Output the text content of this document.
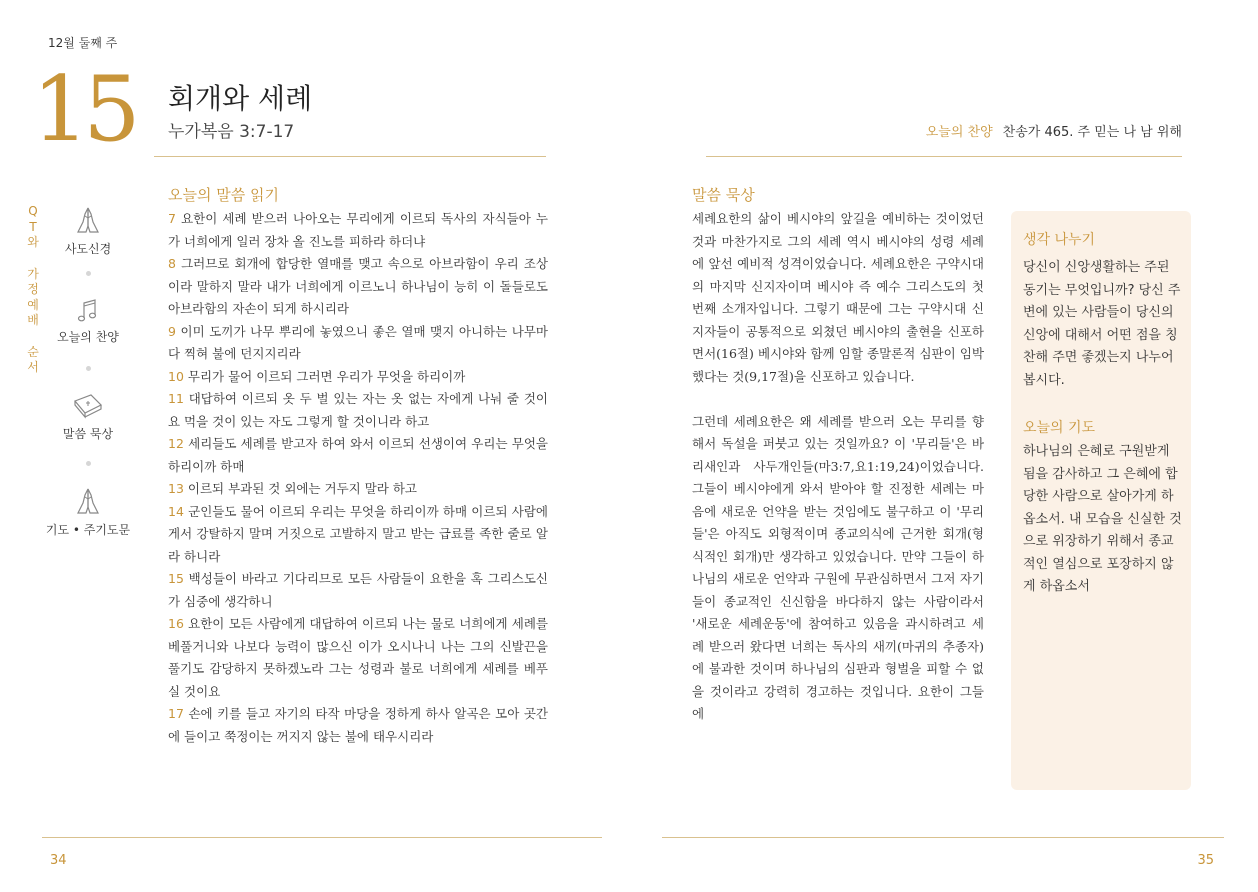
12월 둘째 주
15 회개와 세례
누가복음 3:7-17	오늘의 찬양 찬송가 465. 주 믿는 나 남 위해
Q
T
와
가
정
예
배
순
서
사도신경
오늘의 찬양
말씀 묵상
기도 • 주기도문
오늘의 말씀 읽기

7 요한이 세례 받으러 나아오는 무리에게 이르되 독사의 자식들아 누가 너희에게 일러 장차 올 진노를 피하라 하더냐

8 그러므로 회개에 합당한 열매를 맺고 속으로 아브라함이 우리 조상이라 말하지 말라 내가 너희에게 이르노니 하나님이 능히 이 돌들로도 아브라함의 자손이 되게 하시리라

9 이미 도끼가 나무 뿌리에 놓였으니 좋은 열매 맺지 아니하는 나무마다 찍혀 불에 던지지리라

10 무리가 물어 이르되 그러면 우리가 무엇을 하리이까

11 대답하여 이르되 옷 두 벌 있는 자는 옷 없는 자에게 나눠 줄 것이요 먹을 것이 있는 자도 그렇게 할 것이니라 하고

12 세리들도 세례를 받고자 하여 와서 이르되 선생이여 우리는 무엇을 하리이까 하매

13 이르되 부과된 것 외에는 거두지 말라 하고

14 군인들도 물어 이르되 우리는 무엇을 하리이까 하매 이르되 사람에게서 강탈하지 말며 거짓으로 고발하지 말고 받는 급료를 족한 줄로 알라 하니라

15 백성들이 바라고 기다리므로 모든 사람들이 요한을 혹 그리스도신가 심중에 생각하니

16 요한이 모든 사람에게 대답하여 이르되 나는 물로 너희에게 세례를 베풀거니와 나보다 능력이 많으신 이가 오시나니 나는 그의 신발끈을 풀기도 감당하지 못하겠노라 그는 성령과 불로 너희에게 세례를 베푸실 것이요

17 손에 키를 들고 자기의 타작 마당을 정하게 하사 알곡은 모아 곳간에 들이고 쭉정이는 꺼지지 않는 불에 태우시리라

말씀 묵상

세례요한의 삶이 베시야의 앞길을 예비하는 것이었던 것과 마찬가지로 그의 세례 역시 베시야의 성령 세례에 앞선 예비적 성격이었습니다. 세례요한은 구약시대의 마지막 신지자이며 베시야 즉 예수 그리스도의 첫 번째 소개자입니다. 그렇기 때문에 그는 구약시대 신지자들이 공통적으로 외쳤던 베시야의 출현을 신포하면서(16절) 베시야와 함께 임할 종말론적 심판이 임박했다는 것(9,17절)을 신포하고 있습니다.

그런데 세례요한은 왜 세례를 받으러 오는 무리를 향해서 독설을 퍼붓고 있는 것일까요? 이 '무리들'은 바리새인과 사두개인들(마3:7,요1:19,24)이었습니다. 그들이 베시야에게 와서 받아야 할 진정한 세례는 마음에 새로운 언약을 받는 것임에도 불구하고 이 '무리들'은 아직도 외형적이며 종교의식에 근거한 회개(형식적인 회개)만 생각하고 있었습니다. 만약 그들이 하나님의 새로운 언약과 구원에 무관심하면서 그저 자기들이 종교적인 신신함을 바다하지 않는 사람이라서 '새로운 세례운동'에 참여하고 있음을 과시하려고 세례 받으러 왔다면 너희는 독사의 새끼(마귀의 추종자)에 불과한 것이며 하나님의 심판과 형벌을 피할 수 없을 것이라고 강력히 경고하는 것입니다. 요한이 그들에

생각 나누기
당신이 신앙생활하는 주된 동기는 무엇입니까? 당신 주변에 있는 사람들이 당신의 신앙에 대해서 어떤 점을 칭찬해 주면 좋겠는지 나누어 봅시다.
오늘의 기도
하나님의 은혜로 구원받게 됨을 감사하고 그 은혜에 합당한 사람으로 살아가게 하옵소서. 내 모습을 신실한 것으로 위장하기 위해서 종교적인 열심으로 포장하지 않게 하옵소서
34	35
